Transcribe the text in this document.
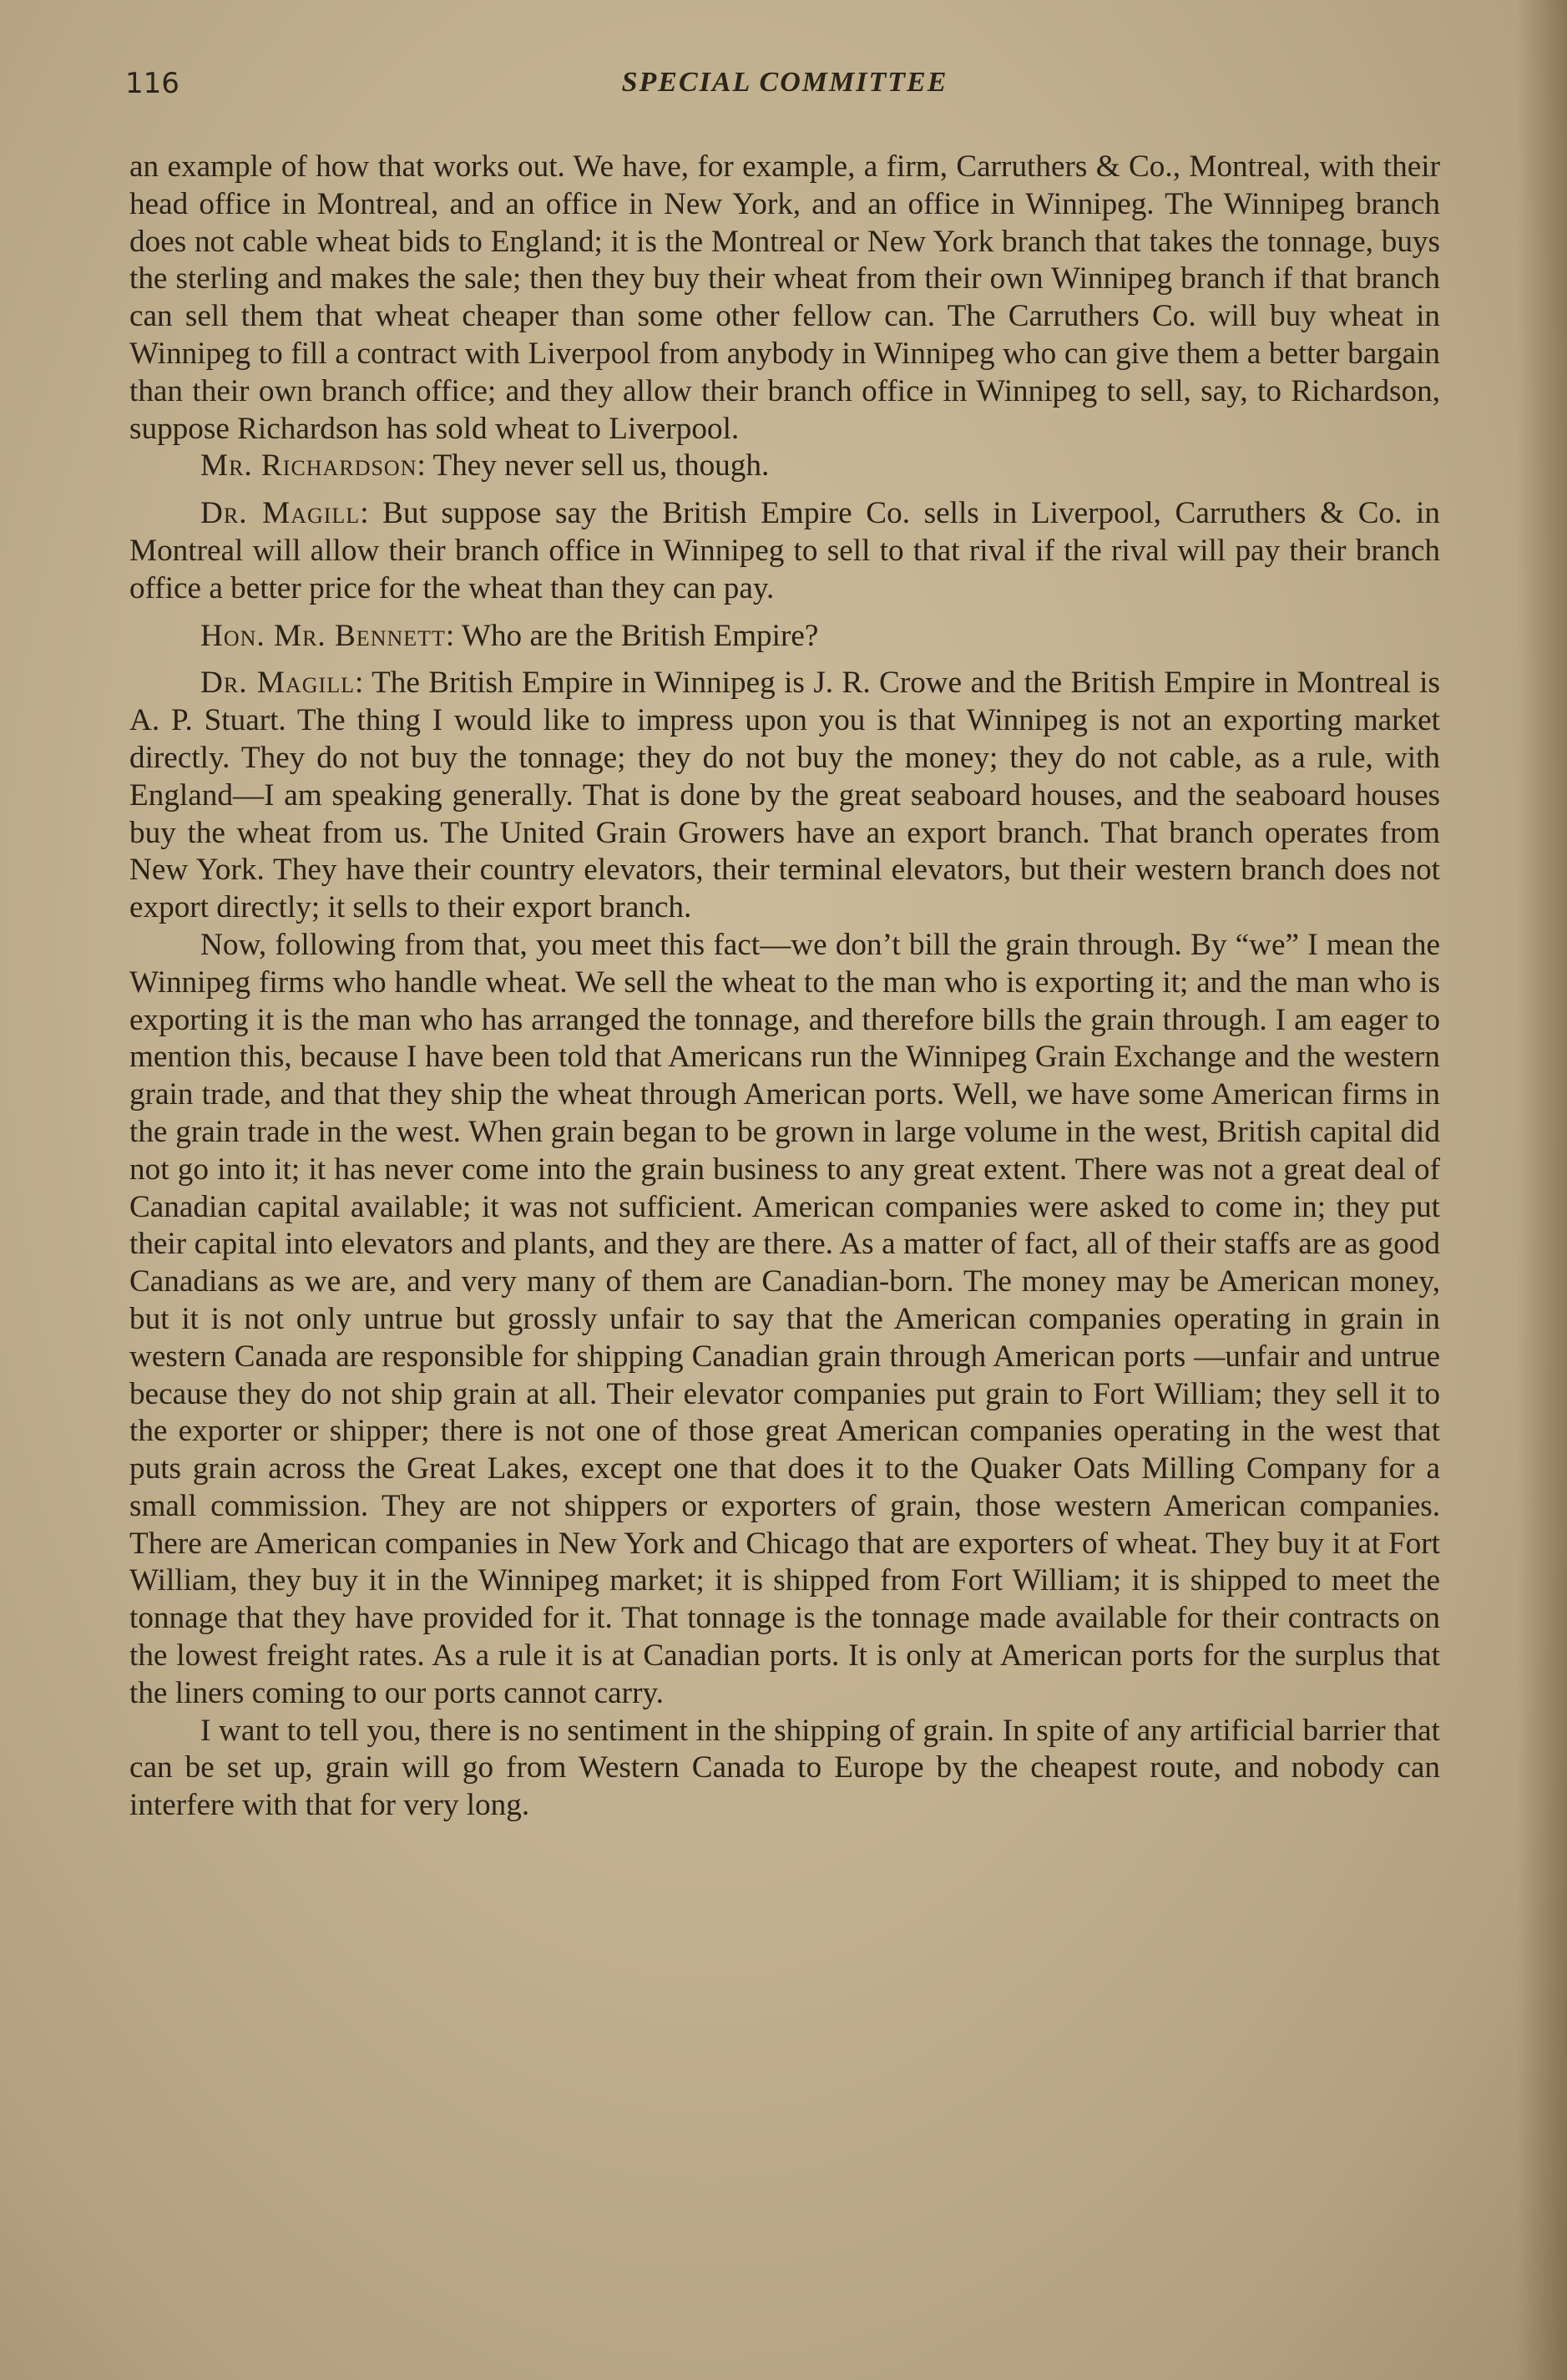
116	SPECIAL COMMITTEE

an example of how that works out. We have, for example, a firm, Carruthers & Co., Montreal, with their head office in Montreal, and an office in New York, and an office in Winnipeg. The Winnipeg branch does not cable wheat bids to England; it is the Montreal or New York branch that takes the tonnage, buys the sterling and makes the sale; then they buy their wheat from their own Winnipeg branch if that branch can sell them that wheat cheaper than some other fellow can. The Carruthers Co. will buy wheat in Winnipeg to fill a contract with Liverpool from anybody in Winnipeg who can give them a better bargain than their own branch office; and they allow their branch office in Winnipeg to sell, say, to Richardson, suppose Richardson has sold wheat to Liverpool.

Mr. Richardson: They never sell us, though.

Dr. Magill: But suppose say the British Empire Co. sells in Liverpool, Carruthers & Co. in Montreal will allow their branch office in Winnipeg to sell to that rival if the rival will pay their branch office a better price for the wheat than they can pay.

Hon. Mr. Bennett: Who are the British Empire?

Dr. Magill: The British Empire in Winnipeg is J. R. Crowe and the British Empire in Montreal is A. P. Stuart. The thing I would like to impress upon you is that Winnipeg is not an exporting market directly. They do not buy the tonnage; they do not buy the money; they do not cable, as a rule, with England—I am speaking generally. That is done by the great seaboard houses, and the seaboard houses buy the wheat from us. The United Grain Growers have an export branch. That branch operates from New York. They have their country elevators, their terminal elevators, but their western branch does not export directly; it sells to their export branch.

Now, following from that, you meet this fact—we don’t bill the grain through. By “we” I mean the Winnipeg firms who handle wheat. We sell the wheat to the man who is exporting it; and the man who is exporting it is the man who has arranged the tonnage, and therefore bills the grain through. I am eager to mention this, because I have been told that Americans run the Winnipeg Grain Exchange and the western grain trade, and that they ship the wheat through American ports. Well, we have some American firms in the grain trade in the west. When grain began to be grown in large volume in the west, British capital did not go into it; it has never come into the grain business to any great extent. There was not a great deal of Canadian capital available; it was not sufficient. American companies were asked to come in; they put their capital into elevators and plants, and they are there. As a matter of fact, all of their staffs are as good Canadians as we are, and very many of them are Canadian-born. The money may be American money, but it is not only untrue but grossly unfair to say that the American companies operating in grain in western Canada are responsible for shipping Canadian grain through American ports —unfair and untrue because they do not ship grain at all. Their elevator companies put grain to Fort William; they sell it to the exporter or shipper; there is not one of those great American companies operating in the west that puts grain across the Great Lakes, except one that does it to the Quaker Oats Milling Company for a small commission. They are not shippers or exporters of grain, those western American companies. There are American companies in New York and Chicago that are exporters of wheat. They buy it at Fort William, they buy it in the Winnipeg market; it is shipped from Fort William; it is shipped to meet the tonnage that they have provided for it. That tonnage is the tonnage made available for their contracts on the lowest freight rates. As a rule it is at Canadian ports. It is only at American ports for the surplus that the liners coming to our ports cannot carry.

I want to tell you, there is no sentiment in the shipping of grain. In spite of any artificial barrier that can be set up, grain will go from Western Canada to Europe by the cheapest route, and nobody can interfere with that for very long.
